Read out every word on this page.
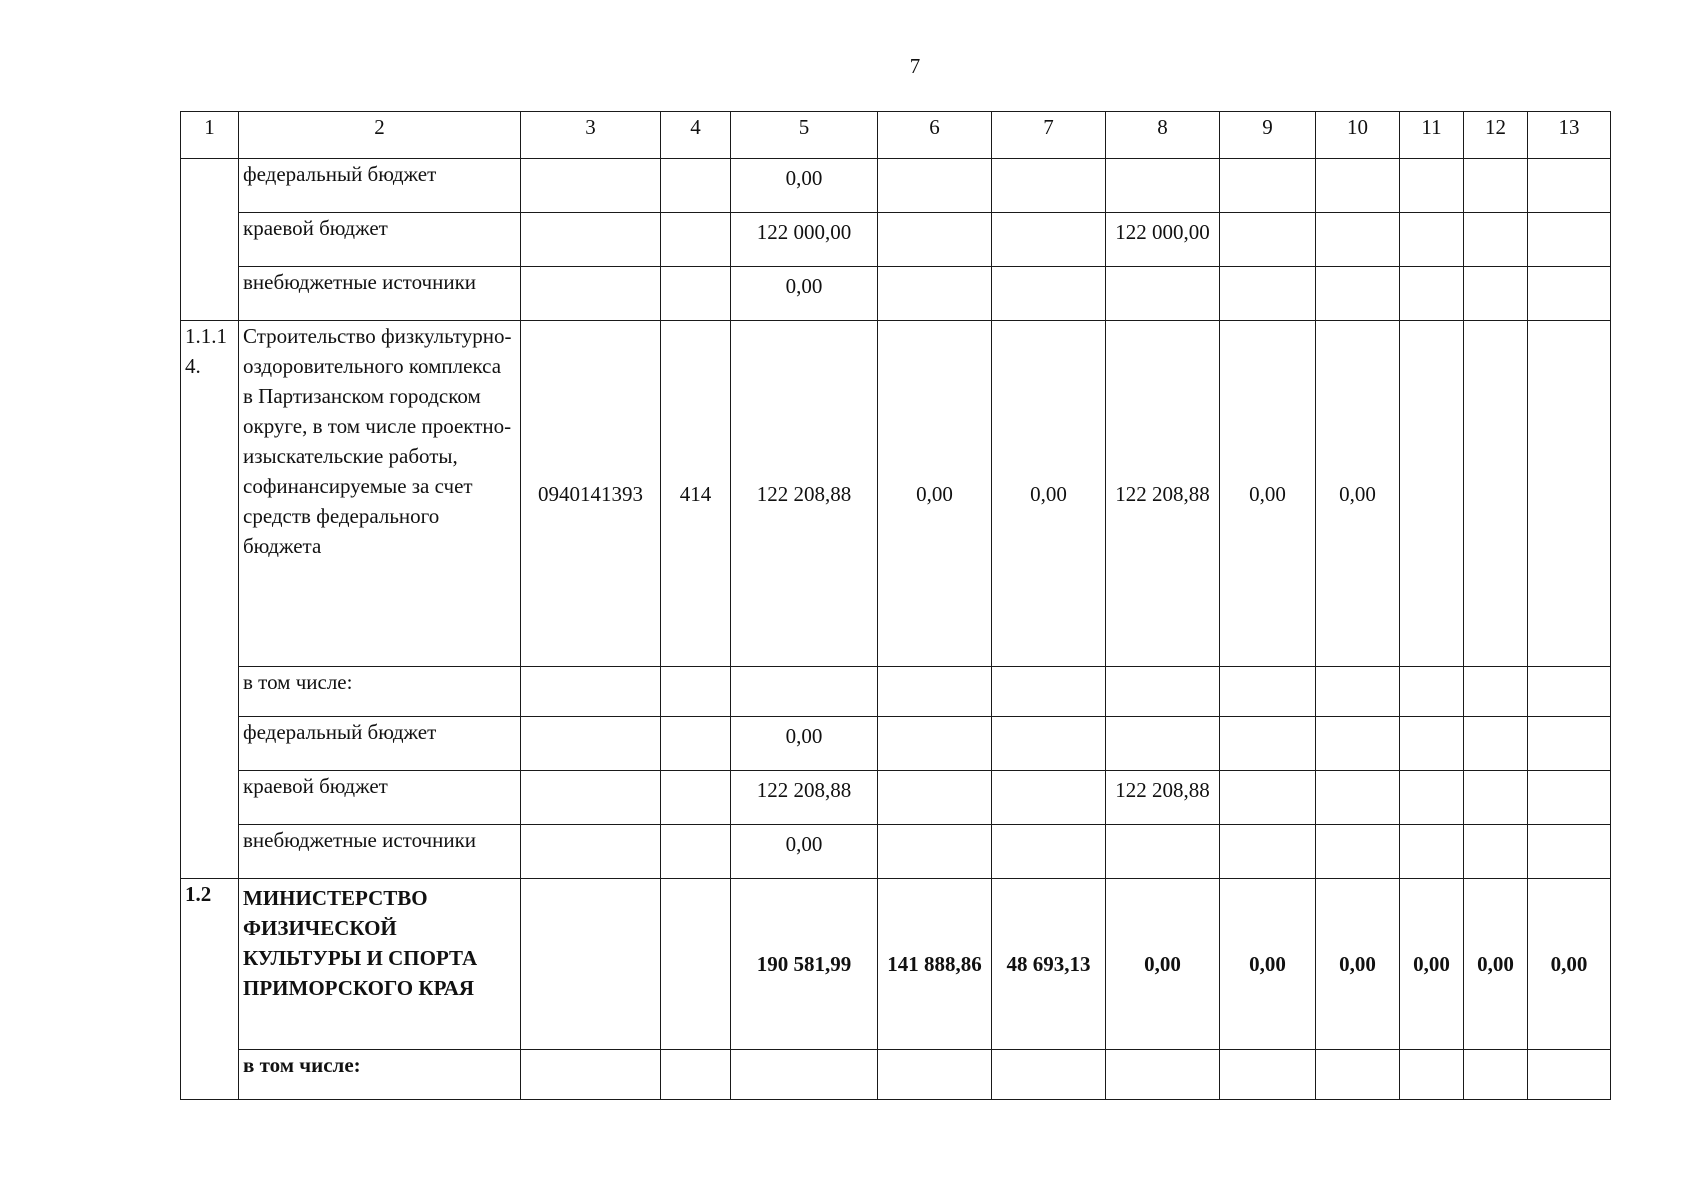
7
1	2	3	4	5	6	7	8	9	10	11	12	13
	федеральный бюджет			0,00								
	краевой бюджет			122 000,00			122 000,00					
	внебюджетные источники			0,00								
1.1.1 4.	Строительство физкультурно-оздоровительного комплекса в Партизанском городском округе, в том числе проектно-изыскательские работы, софинансируемые за счет средств федерального бюджета	0940141393	414	122 208,88	0,00	0,00	122 208,88	0,00	0,00			
	в том числе:											
	федеральный бюджет			0,00								
	краевой бюджет			122 208,88			122 208,88					
	внебюджетные источники			0,00								
1.2	МИНИСТЕРСТВО ФИЗИЧЕСКОЙ КУЛЬТУРЫ И СПОРТА ПРИМОРСКОГО КРАЯ			190 581,99	141 888,86	48 693,13	0,00	0,00	0,00	0,00	0,00	0,00
	в том числе:											
